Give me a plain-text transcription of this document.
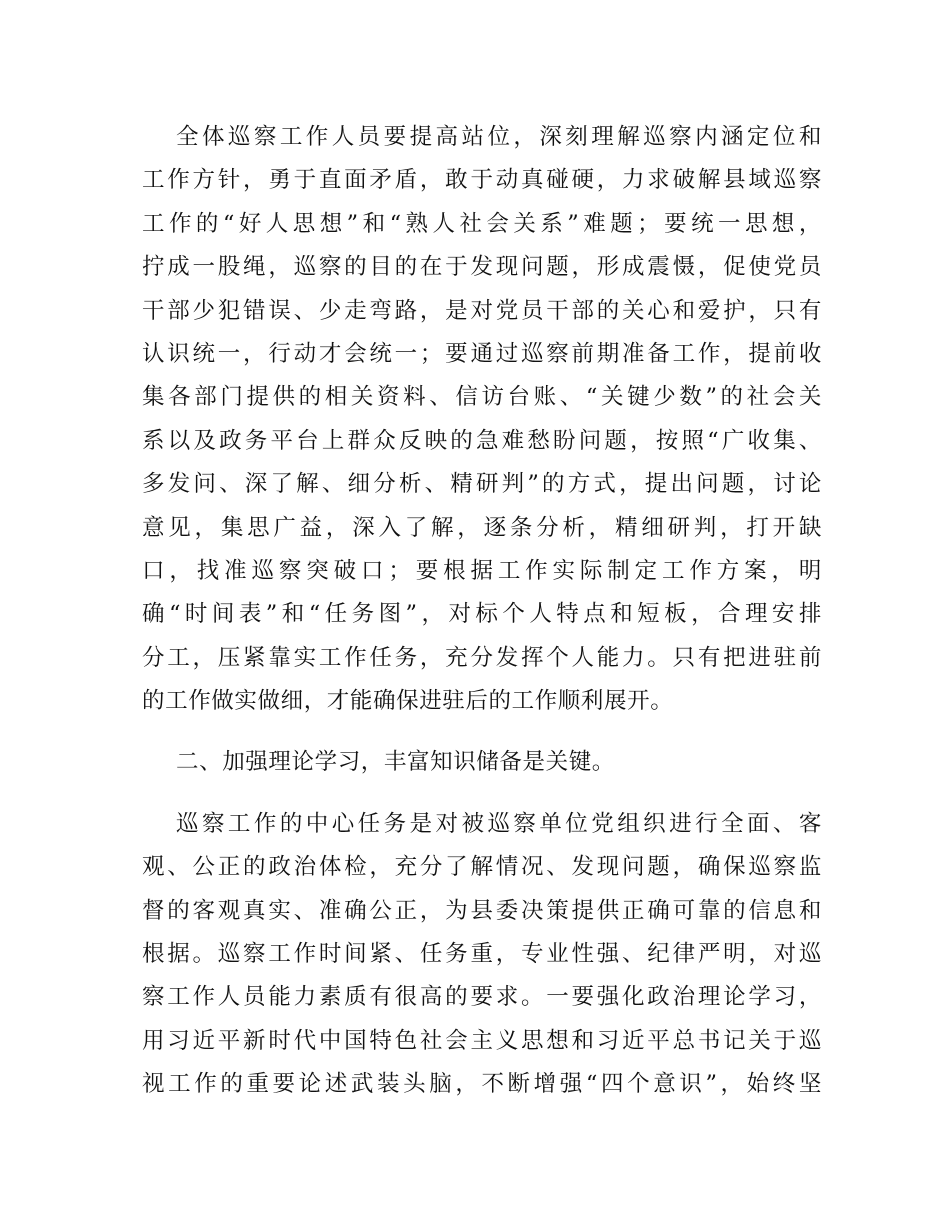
全体巡察工作人员要提高站位，深刻理解巡察内涵定位和
工作方针，勇于直面矛盾，敢于动真碰硬，力求破解县域巡察
工作的“好人思想”和“熟人社会关系”难题；要统一思想，
拧成一股绳，巡察的目的在于发现问题，形成震慑，促使党员
干部少犯错误、少走弯路，是对党员干部的关心和爱护，只有
认识统一，行动才会统一；要通过巡察前期准备工作，提前收
集各部门提供的相关资料、信访台账、“关键少数”的社会关
系以及政务平台上群众反映的急难愁盼问题，按照“广收集、
多发问、深了解、细分析、精研判”的方式，提出问题，讨论
意见，集思广益，深入了解，逐条分析，精细研判，打开缺
口，找准巡察突破口；要根据工作实际制定工作方案，明
确“时间表”和“任务图”，对标个人特点和短板，合理安排
分工，压紧靠实工作任务，充分发挥个人能力。只有把进驻前
的工作做实做细，才能确保进驻后的工作顺利展开。
二、加强理论学习，丰富知识储备是关键。
巡察工作的中心任务是对被巡察单位党组织进行全面、客
观、公正的政治体检，充分了解情况、发现问题，确保巡察监
督的客观真实、准确公正，为县委决策提供正确可靠的信息和
根据。巡察工作时间紧、任务重，专业性强、纪律严明，对巡
察工作人员能力素质有很高的要求。一要强化政治理论学习，
用习近平新时代中国特色社会主义思想和习近平总书记关于巡
视工作的重要论述武装头脑，不断增强“四个意识”，始终坚
